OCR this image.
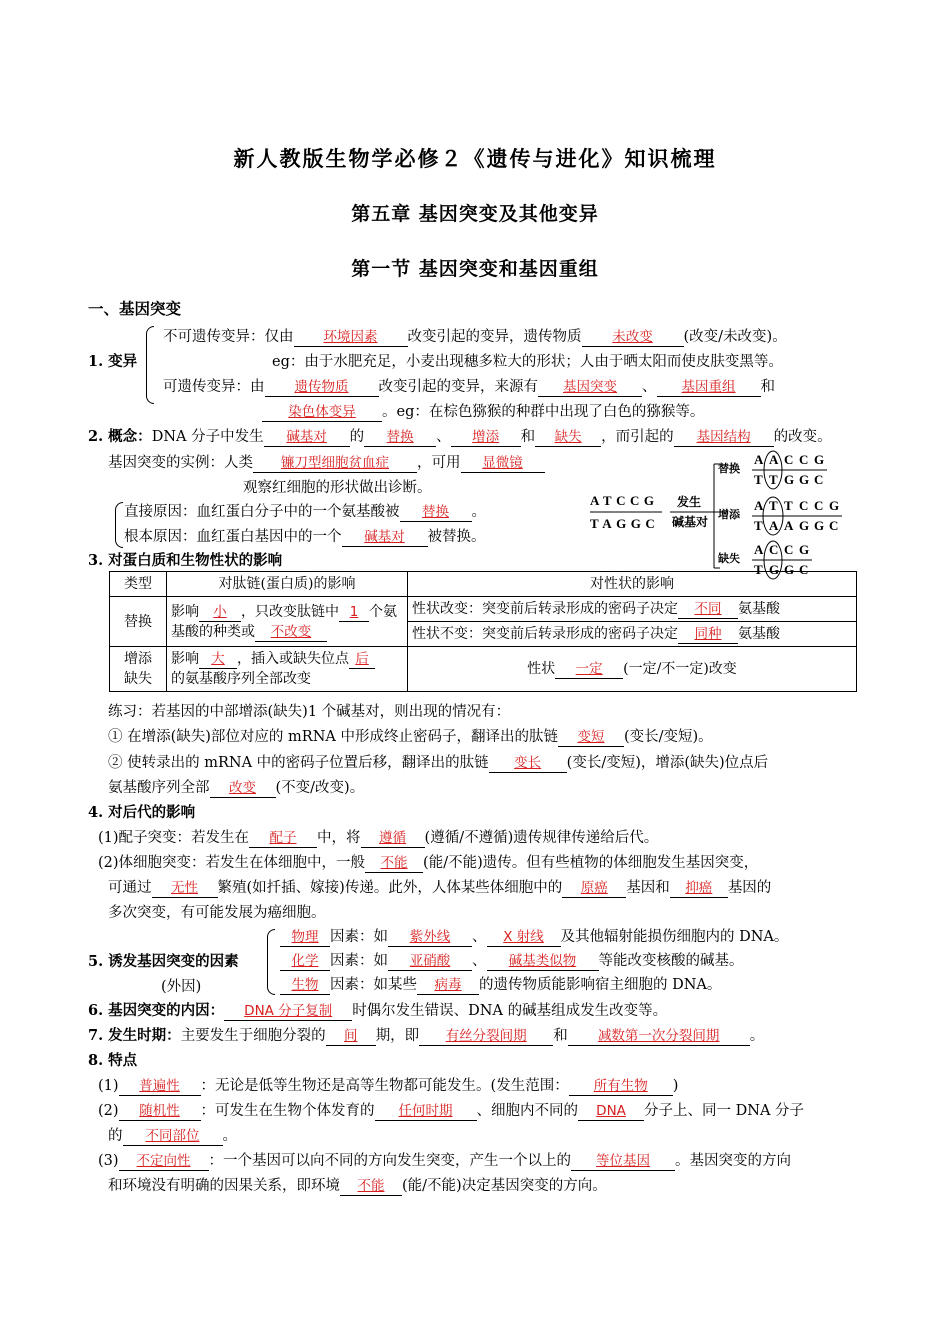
新人教版生物学必修２《遗传与进化》知识梳理
第五章 基因突变及其他变异
第一节 基因突变和基因重组
一、基因突变
1. 变异
不可遗传变异：仅由 环境因素 改变引起的变异，遗传物质 未改变 (改变/未改变)。
eg：由于水肥充足，小麦出现穗多粒大的形状；人由于晒太阳而使皮肤变黑等。
可遗传变异：由 遗传物质 改变引起的变异，来源有 基因突变 、 基因重组 和
染色体变异 。eg：在棕色猕猴的种群中出现了白色的猕猴等。
2. 概念：DNA 分子中发生 碱基对 的 替换 、 增添 和 缺失 ，而引起的 基因结构 的改变。
基因突变的实例：人类 镰刀型细胞贫血症 ，可用 显微镜
观察红细胞的形状做出诊断。
直接原因：血红蛋白分子中的一个氨基酸被 替换 。
根本原因：血红蛋白基因中的一个 碱基对 被替换。
ATCCG
TAGGC
发生
碱基对
替换
A A C C G
T T G G C
增添
A T T C C G
T A A G G C
缺失
A C C G
T G G C
3. 对蛋白质和生物性状的影响
类型	对肽链(蛋白质)的影响	对性状的影响
替换	影响 小 ，只改变肽链中 1 个氨基酸的种类或 不改变	性状改变：突变前后转录形成的密码子决定 不同 氨基酸
		性状不变：突变前后转录形成的密码子决定 同种 氨基酸
增添
缺失	影响 大 ，插入或缺失位点 后
的氨基酸序列全部改变	性状 一定 (一定/不一定)改变
练习：若基因的中部增添(缺失)1 个碱基对，则出现的情况有：
① 在增添(缺失)部位对应的 mRNA 中形成终止密码子，翻译出的肽链 变短 (变长/变短)。
② 使转录出的 mRNA 中的密码子位置后移，翻译出的肽链 变长 (变长/变短)，增添(缺失)位点后
氨基酸序列全部 改变 (不变/改变)。
4. 对后代的影响
(1)配子突变：若发生在 配子 中，将 遵循 (遵循/不遵循)遗传规律传递给后代。
(2)体细胞突变：若发生在体细胞中，一般 不能 (能/不能)遗传。但有些植物的体细胞发生基因突变，
可通过 无性 繁殖(如扦插、嫁接)传递。此外，人体某些体细胞中的 原癌 基因和 抑癌 基因的
多次突变，有可能发展为癌细胞。
5. 诱发基因突变的因素
(外因)
物理 因素：如 紫外线 、 X 射线 及其他辐射能损伤细胞内的 DNA。
化学 因素：如 亚硝酸 、 碱基类似物 等能改变核酸的碱基。
生物 因素：如某些 病毒 的遗传物质能影响宿主细胞的 DNA。
6. 基因突变的内因： DNA 分子复制 时偶尔发生错误、DNA 的碱基组成发生改变等。
7. 发生时期：主要发生于细胞分裂的 间 期，即 有丝分裂间期 和 减数第一次分裂间期 。
8. 特点
(1) 普遍性 ：无论是低等生物还是高等生物都可能发生。(发生范围： 所有生物 )
(2) 随机性 ：可发生在生物个体发育的 任何时期 、细胞内不同的 DNA 分子上、同一 DNA 分子
的 不同部位 。
(3) 不定向性 ：一个基因可以向不同的方向发生突变，产生一个以上的 等位基因 。基因突变的方向
和环境没有明确的因果关系，即环境 不能 (能/不能)决定基因突变的方向。
